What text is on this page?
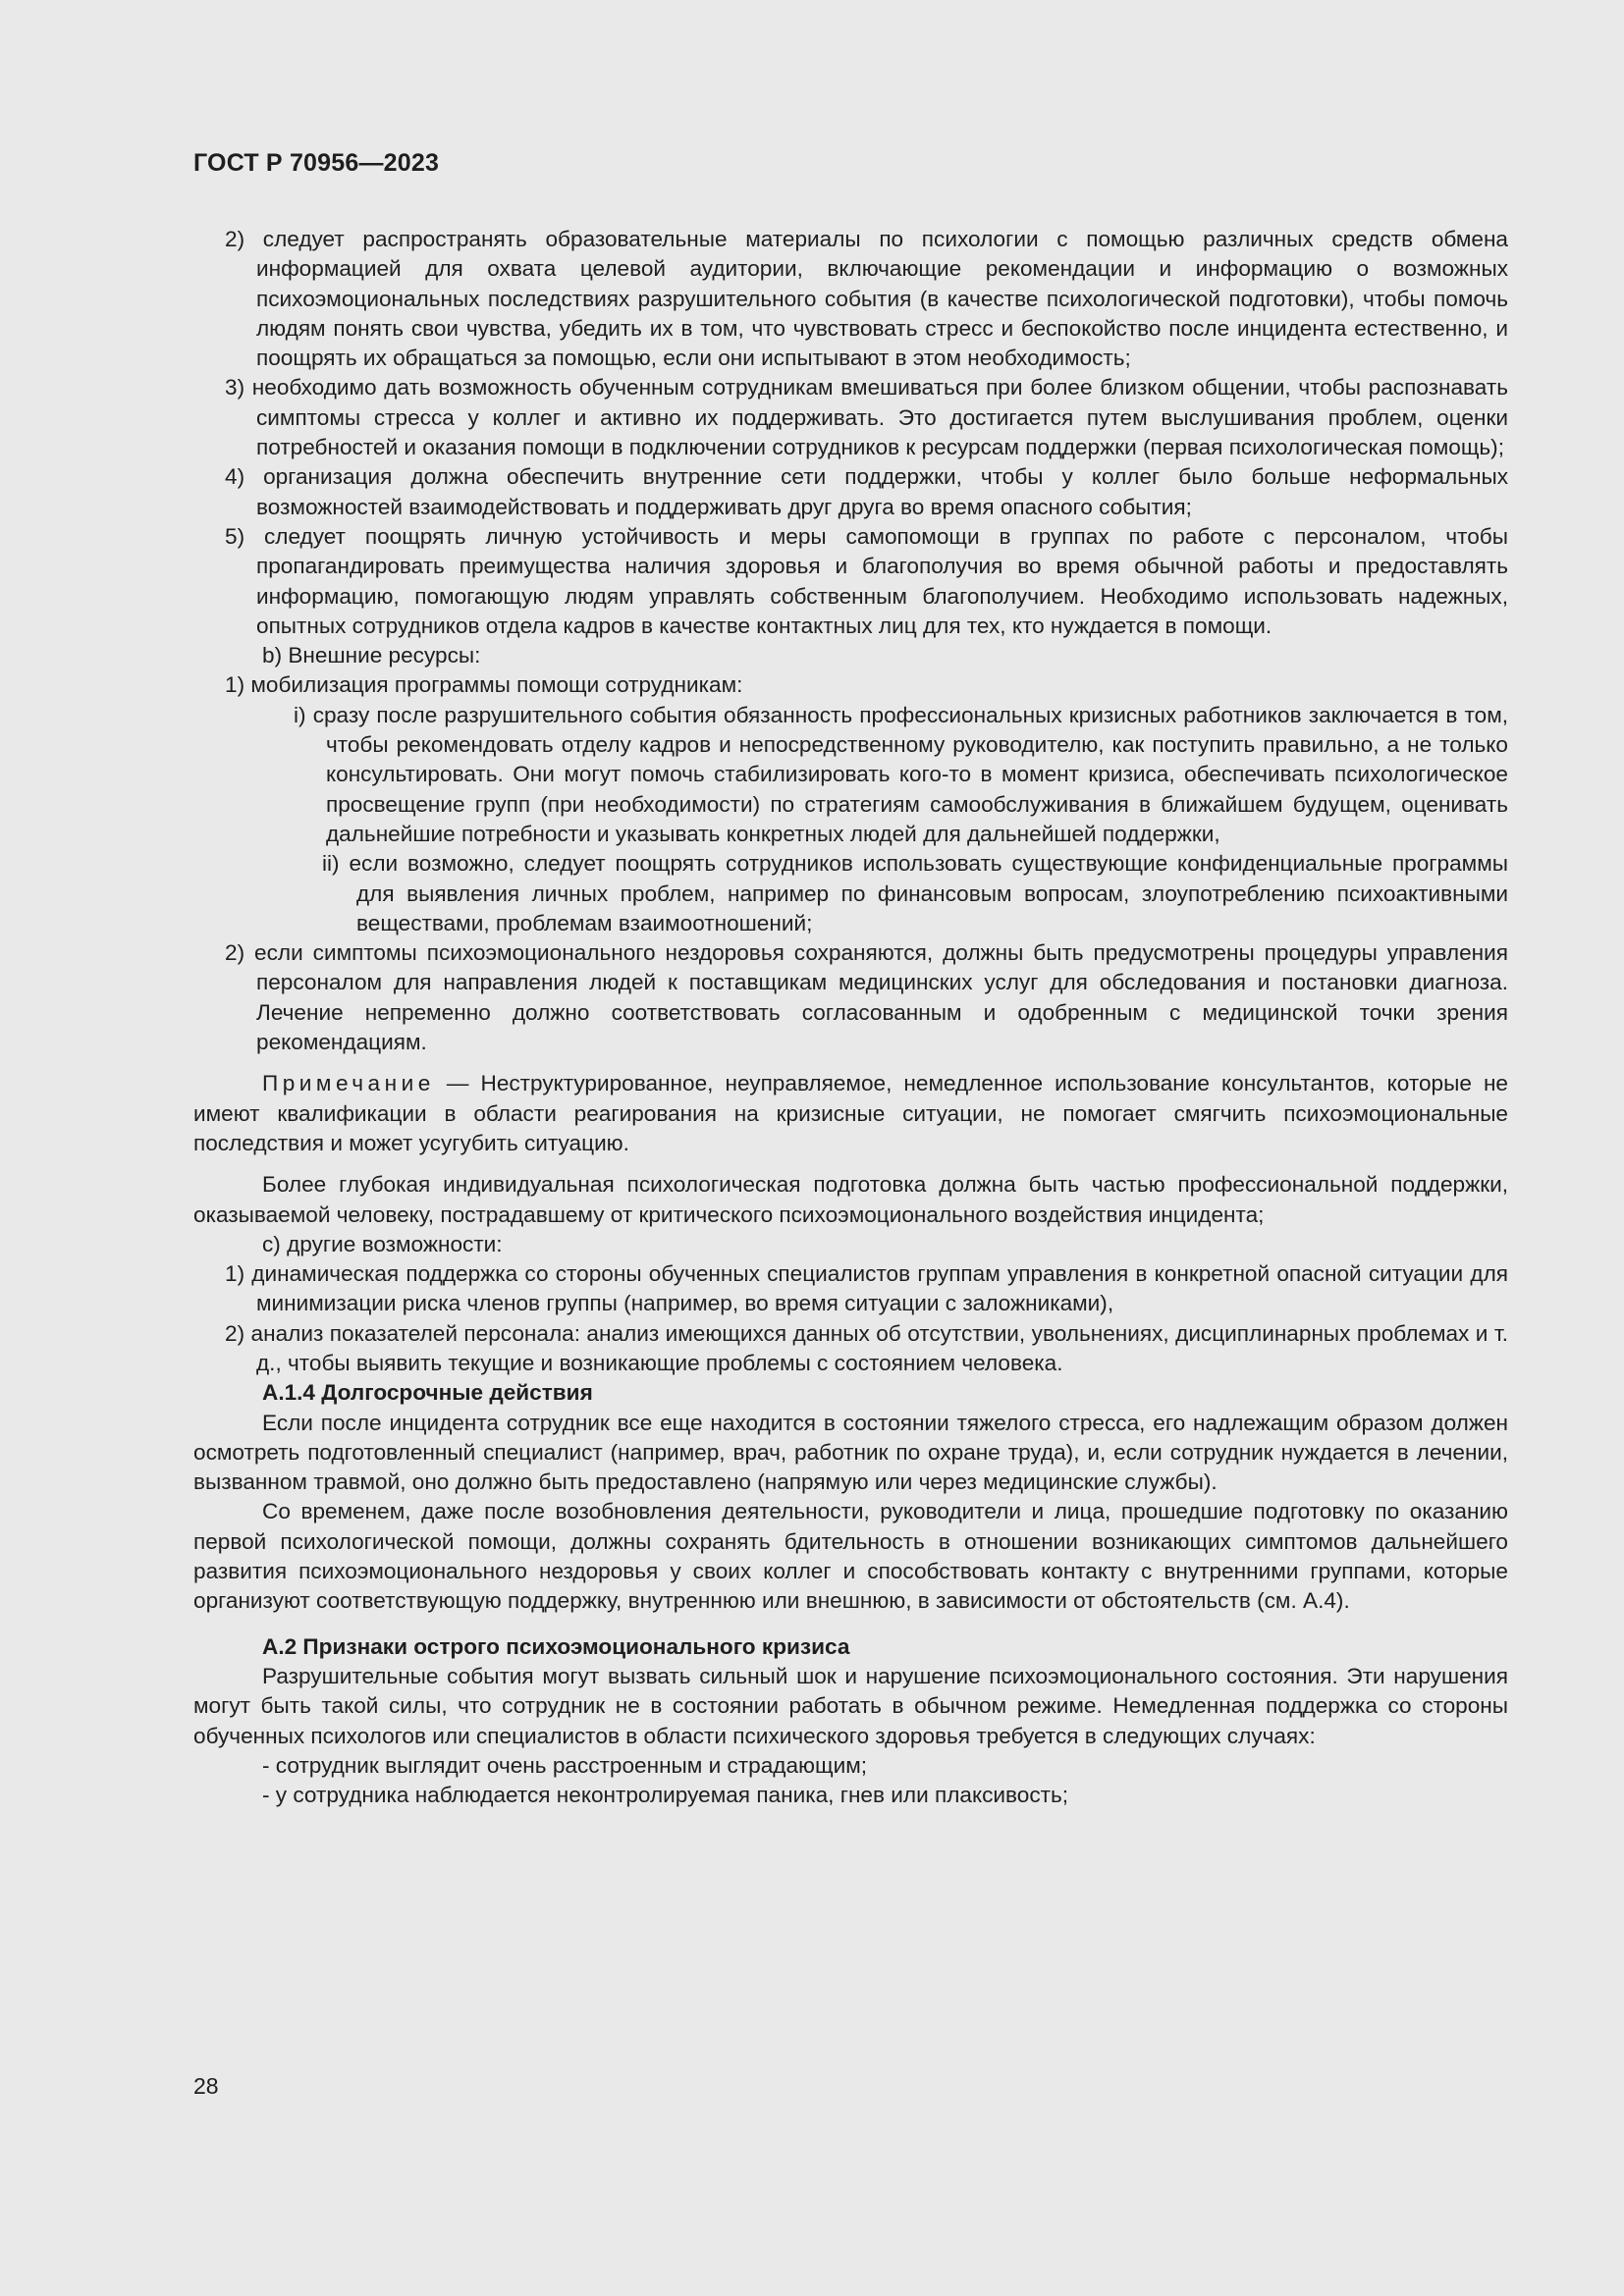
ГОСТ Р 70956—2023

2) следует распространять образовательные материалы по психологии с помощью различных средств обмена информацией для охвата целевой аудитории, включающие рекомендации и информацию о возможных психоэмоциональных последствиях разрушительного события (в качестве психологической подготовки), чтобы помочь людям понять свои чувства, убедить их в том, что чувствовать стресс и беспокойство после инцидента естественно, и поощрять их обращаться за помощью, если они испытывают в этом необходимость;

3) необходимо дать возможность обученным сотрудникам вмешиваться при более близком общении, чтобы распознавать симптомы стресса у коллег и активно их поддерживать. Это достигается путем выслушивания проблем, оценки потребностей и оказания помощи в подключении сотрудников к ресурсам поддержки (первая психологическая помощь);

4) организация должна обеспечить внутренние сети поддержки, чтобы у коллег было больше неформальных возможностей взаимодействовать и поддерживать друг друга во время опасного события;

5) следует поощрять личную устойчивость и меры самопомощи в группах по работе с персоналом, чтобы пропагандировать преимущества наличия здоровья и благополучия во время обычной работы и предоставлять информацию, помогающую людям управлять собственным благополучием. Необходимо использовать надежных, опытных сотрудников отдела кадров в качестве контактных лиц для тех, кто нуждается в помощи.

b) Внешние ресурсы:

1) мобилизация программы помощи сотрудникам:

i) сразу после разрушительного события обязанность профессиональных кризисных работников заключается в том, чтобы рекомендовать отделу кадров и непосредственному руководителю, как поступить правильно, а не только консультировать. Они могут помочь стабилизировать кого-то в момент кризиса, обеспечивать психологическое просвещение групп (при необходимости) по стратегиям самообслуживания в ближайшем будущем, оценивать дальнейшие потребности и указывать конкретных людей для дальнейшей поддержки,

ii) если возможно, следует поощрять сотрудников использовать существующие конфиденциальные программы для выявления личных проблем, например по финансовым вопросам, злоупотреблению психоактивными веществами, проблемам взаимоотношений;

2) если симптомы психоэмоционального нездоровья сохраняются, должны быть предусмотрены процедуры управления персоналом для направления людей к поставщикам медицинских услуг для обследования и постановки диагноза. Лечение непременно должно соответствовать согласованным и одобренным с медицинской точки зрения рекомендациям.

Примечание — Неструктурированное, неуправляемое, немедленное использование консультантов, которые не имеют квалификации в области реагирования на кризисные ситуации, не помогает смягчить психоэмоциональные последствия и может усугубить ситуацию.

Более глубокая индивидуальная психологическая подготовка должна быть частью профессиональной поддержки, оказываемой человеку, пострадавшему от критического психоэмоционального воздействия инцидента;

c) другие возможности:

1) динамическая поддержка со стороны обученных специалистов группам управления в конкретной опасной ситуации для минимизации риска членов группы (например, во время ситуации с заложниками),

2) анализ показателей персонала: анализ имеющихся данных об отсутствии, увольнениях, дисциплинарных проблемах и т. д., чтобы выявить текущие и возникающие проблемы с состоянием человека.

А.1.4 Долгосрочные действия

Если после инцидента сотрудник все еще находится в состоянии тяжелого стресса, его надлежащим образом должен осмотреть подготовленный специалист (например, врач, работник по охране труда), и, если сотрудник нуждается в лечении, вызванном травмой, оно должно быть предоставлено (напрямую или через медицинские службы).

Со временем, даже после возобновления деятельности, руководители и лица, прошедшие подготовку по оказанию первой психологической помощи, должны сохранять бдительность в отношении возникающих симптомов дальнейшего развития психоэмоционального нездоровья у своих коллег и способствовать контакту с внутренними группами, которые организуют соответствующую поддержку, внутреннюю или внешнюю, в зависимости от обстоятельств (см. А.4).

А.2 Признаки острого психоэмоционального кризиса

Разрушительные события могут вызвать сильный шок и нарушение психоэмоционального состояния. Эти нарушения могут быть такой силы, что сотрудник не в состоянии работать в обычном режиме. Немедленная поддержка со стороны обученных психологов или специалистов в области психического здоровья требуется в следующих случаях:

- сотрудник выглядит очень расстроенным и страдающим;

- у сотрудника наблюдается неконтролируемая паника, гнев или плаксивость;

28
